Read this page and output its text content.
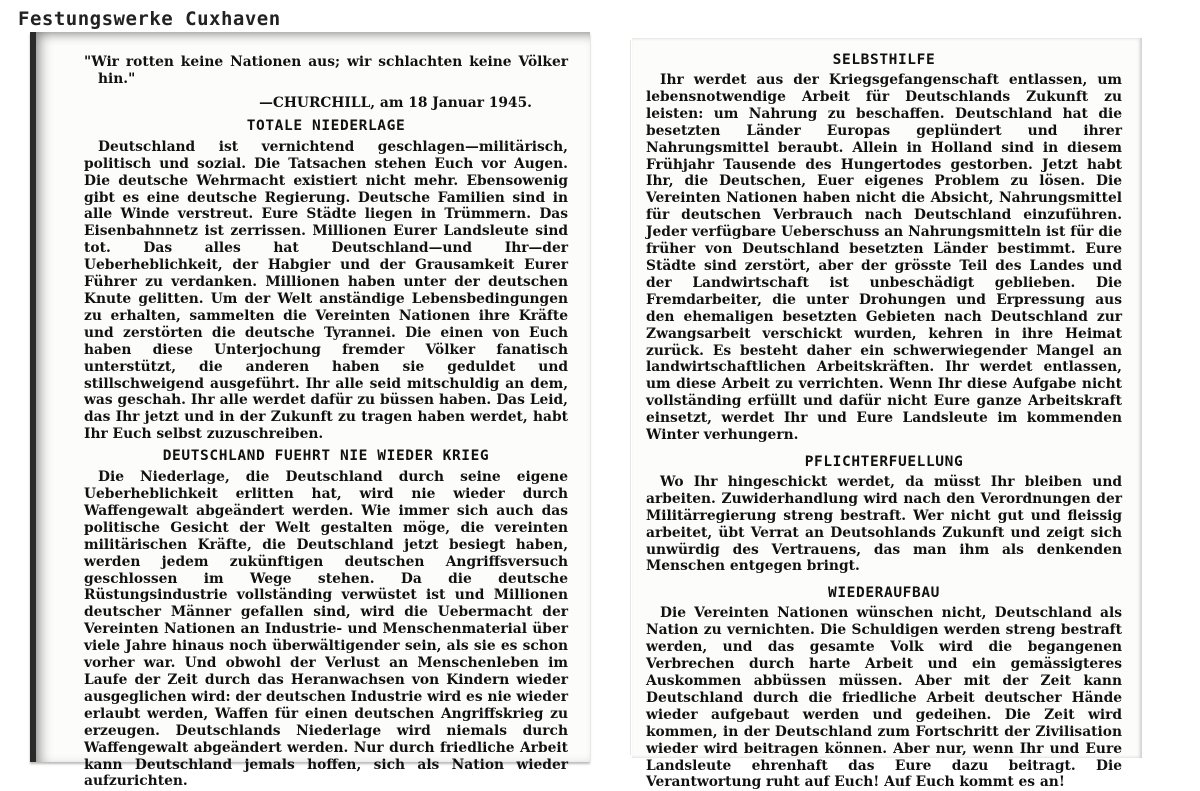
Festungswerke Cuxhaven

"Wir rotten keine Nationen aus; wir schlachten keine Völker hin."

—CHURCHILL, am 18 Januar 1945.
TOTALE NIEDERLAGE

Deutschland ist vernichtend geschlagen—militärisch, politisch und sozial. Die Tatsachen stehen Euch vor Augen. Die deutsche Wehrmacht existiert nicht mehr. Ebensowenig gibt es eine deutsche Regierung. Deutsche Familien sind in alle Winde verstreut. Eure Städte liegen in Trümmern. Das Eisenbahnnetz ist zerrissen. Millionen Eurer Landsleute sind tot. Das alles hat Deutschland—und Ihr—der Ueberheblichkeit, der Habgier und der Grausamkeit Eurer Führer zu verdanken. Millionen haben unter der deutschen Knute gelitten. Um der Welt anständige Lebensbedingungen zu erhalten, sammelten die Vereinten Nationen ihre Kräfte und zerstörten die deutsche Tyrannei. Die einen von Euch haben diese Unterjochung fremder Völker fanatisch unterstützt, die anderen haben sie geduldet und stillschweigend ausgeführt. Ihr alle seid mitschuldig an dem, was geschah. Ihr alle werdet dafür zu büssen haben. Das Leid, das Ihr jetzt und in der Zukunft zu tragen haben werdet, habt Ihr Euch selbst zuzuschreiben.

DEUTSCHLAND FUEHRT NIE WIEDER KRIEG

Die Niederlage, die Deutschland durch seine eigene Ueberheblichkeit erlitten hat, wird nie wieder durch Waffengewalt abgeändert werden. Wie immer sich auch das politische Gesicht der Welt gestalten möge, die vereinten militärischen Kräfte, die Deutschland jetzt besiegt haben, werden jedem zukünftigen deutschen Angriffsversuch geschlossen im Wege stehen. Da die deutsche Rüstungsindustrie vollständing verwüstet ist und Millionen deutscher Männer gefallen sind, wird die Uebermacht der Vereinten Nationen an Industrie- und Menschenmaterial über viele Jahre hinaus noch überwältigender sein, als sie es schon vorher war. Und obwohl der Verlust an Menschenleben im Laufe der Zeit durch das Heranwachsen von Kindern wieder ausgeglichen wird: der deutschen Industrie wird es nie wieder erlaubt werden, Waffen für einen deutschen Angriffskrieg zu erzeugen. Deutschlands Niederlage wird niemals durch Waffengewalt abgeändert werden. Nur durch friedliche Arbeit kann Deutschland jemals hoffen, sich als Nation wieder aufzurichten.

SELBSTHILFE

Ihr werdet aus der Kriegsgefangenschaft entlassen, um lebensnotwendige Arbeit für Deutschlands Zukunft zu leisten: um Nahrung zu beschaffen. Deutschland hat die besetzten Länder Europas geplündert und ihrer Nahrungsmittel beraubt. Allein in Holland sind in diesem Frühjahr Tausende des Hungertodes gestorben. Jetzt habt Ihr, die Deutschen, Euer eigenes Problem zu lösen. Die Vereinten Nationen haben nicht die Absicht, Nahrungsmittel für deutschen Verbrauch nach Deutschland einzuführen. Jeder verfügbare Ueberschuss an Nahrungsmitteln ist für die früher von Deutschland besetzten Länder bestimmt. Eure Städte sind zerstört, aber der grösste Teil des Landes und der Landwirtschaft ist unbeschädigt geblieben. Die Fremdarbeiter, die unter Drohungen und Erpressung aus den ehemaligen besetzten Gebieten nach Deutschland zur Zwangsarbeit verschickt wurden, kehren in ihre Heimat zurück. Es besteht daher ein schwerwiegender Mangel an landwirtschaftlichen Arbeitskräften. Ihr werdet entlassen, um diese Arbeit zu verrichten. Wenn Ihr diese Aufgabe nicht vollständing erfüllt und dafür nicht Eure ganze Arbeitskraft einsetzt, werdet Ihr und Eure Landsleute im kommenden Winter verhungern.

PFLICHTERFUELLUNG

Wo Ihr hingeschickt werdet, da müsst Ihr bleiben und arbeiten. Zuwiderhandlung wird nach den Verordnungen der Militärregierung streng bestraft. Wer nicht gut und fleissig arbeitet, übt Verrat an Deutsohlands Zukunft und zeigt sich unwürdig des Vertrauens, das man ihm als denkenden Menschen entgegen bringt.

WIEDERAUFBAU

Die Vereinten Nationen wünschen nicht, Deutschland als Nation zu vernichten. Die Schuldigen werden streng bestraft werden, und das gesamte Volk wird die begangenen Verbrechen durch harte Arbeit und ein gemässigteres Auskommen abbüssen müssen. Aber mit der Zeit kann Deutschland durch die friedliche Arbeit deutscher Hände wieder aufgebaut werden und gedeihen. Die Zeit wird kommen, in der Deutschland zum Fortschritt der Zivilisation wieder wird beitragen können. Aber nur, wenn Ihr und Eure Landsleute ehrenhaft das Eure dazu beitragt. Die Verantwortung ruht auf Euch! Auf Euch kommt es an!
